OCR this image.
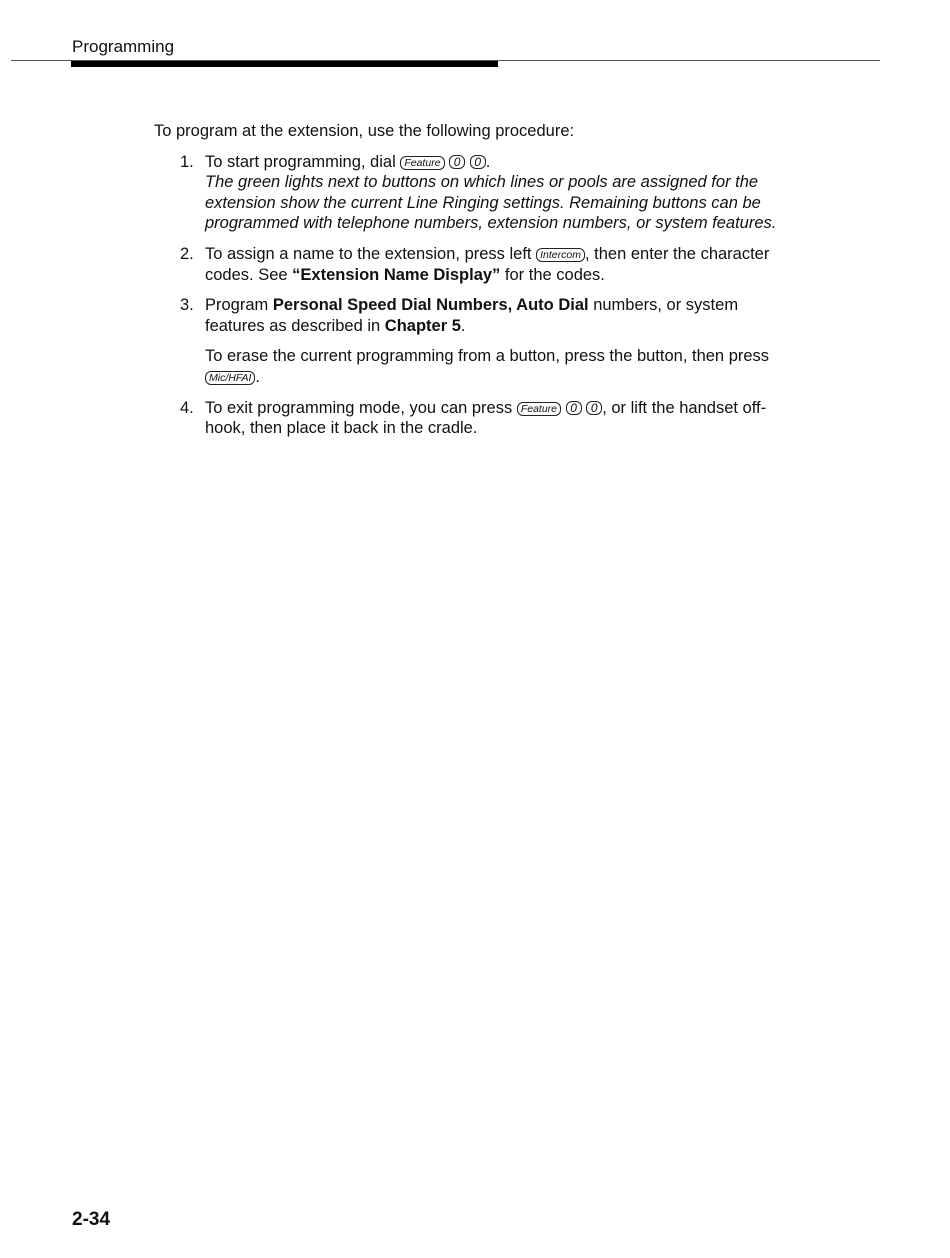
Programming

To program at the extension, use the following procedure:

1. To start programming, dial Feature 0 0 .

The green lights next to buttons on which lines or pools are assigned for the extension show the current Line Ringing settings. Remaining buttons can be programmed with telephone numbers, extension numbers, or system features.

2. To assign a name to the extension, press left Intercom , then enter the character codes. See “Extension Name Display” for the codes.

3. Program Personal Speed Dial Numbers, Auto Dial numbers, or system features as described in Chapter 5.

To erase the current programming from a button, press the button, then pressMic/HFAI .

4. To exit programming mode, you can press Feature 0 0 , or lift the handset off-hook, then place it back in the cradle.

2-34
